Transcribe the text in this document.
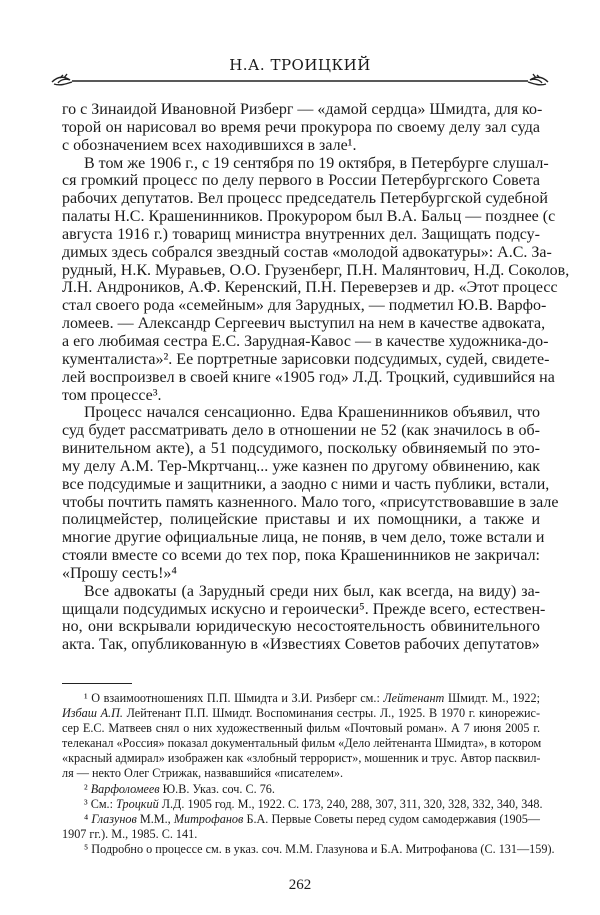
Н.А. ТРОИЦКИЙ
го с Зинаидой Ивановной Ризберг — «дамой сердца» Шмидта, для ко-
торой он нарисовал во время речи прокурора по своему делу зал суда
с обозначением всех находившихся в зале¹.
В том же 1906 г., с 19 сентября по 19 октября, в Петербурге слушал-
ся громкий процесс по делу первого в России Петербургского Совета
рабочих депутатов. Вел процесс председатель Петербургской судебной
палаты Н.С. Крашенинников. Прокурором был В.А. Бальц — позднее (с
августа 1916 г.) товарищ министра внутренних дел. Защищать подсу-
димых здесь собрался звездный состав «молодой адвокатуры»: А.С. За-
рудный, Н.К. Муравьев, О.О. Грузенберг, П.Н. Малянтович, Н.Д. Соколов,
Л.Н. Андроников, А.Ф. Керенский, П.Н. Переверзев и др. «Этот процесс
стал своего рода «семейным» для Зарудных, — подметил Ю.В. Варфо-
ломеев. — Александр Сергеевич выступил на нем в качестве адвоката,
а его любимая сестра Е.С. Зарудная-Кавос — в качестве художника-до-
кументалиста»². Ее портретные зарисовки подсудимых, судей, свидете-
лей воспроизвел в своей книге «1905 год» Л.Д. Троцкий, судившийся на
том процессе³.
Процесс начался сенсационно. Едва Крашенинников объявил, что
суд будет рассматривать дело в отношении не 52 (как значилось в об-
винительном акте), а 51 подсудимого, поскольку обвиняемый по это-
му делу А.М. Тер-Мкртчанц... уже казнен по другому обвинению, как
все подсудимые и защитники, а заодно с ними и часть публики, встали,
чтобы почтить память казненного. Мало того, «присутствовавшие в зале
полицмейстер, полицейские приставы и их помощники, а также и
многие другие официальные лица, не поняв, в чем дело, тоже встали и
стояли вместе со всеми до тех пор, пока Крашенинников не закричал:
«Прошу сесть!»⁴
Все адвокаты (а Зарудный среди них был, как всегда, на виду) за-
щищали подсудимых искусно и героически⁵. Прежде всего, естествен-
но, они вскрывали юридическую несостоятельность обвинительного
акта. Так, опубликованную в «Известиях Советов рабочих депутатов»
¹ О взаимоотношениях П.П. Шмидта и З.И. Ризберг см.: Лейтенант Шмидт. М., 1922;
Избаш А.П. Лейтенант П.П. Шмидт. Воспоминания сестры. Л., 1925. В 1970 г. кинорежис-
сер Е.С. Матвеев снял о них художественный фильм «Почтовый роман». А 7 июня 2005 г.
телеканал «Россия» показал документальный фильм «Дело лейтенанта Шмидта», в котором
«красный адмирал» изображен как «злобный террорист», мошенник и трус. Автор пасквил-
ля — некто Олег Стрижак, назвавшийся «писателем».
² Варфоломеев Ю.В. Указ. соч. С. 76.
³ См.: Троцкий Л.Д. 1905 год. М., 1922. С. 173, 240, 288, 307, 311, 320, 328, 332, 340, 348.
⁴ Глазунов М.М., Митрофанов Б.А. Первые Советы перед судом самодержавия (1905—
1907 гг.). М., 1985. С. 141.
⁵ Подробно о процессе см. в указ. соч. М.М. Глазунова и Б.А. Митрофанова (С. 131—159).
262
